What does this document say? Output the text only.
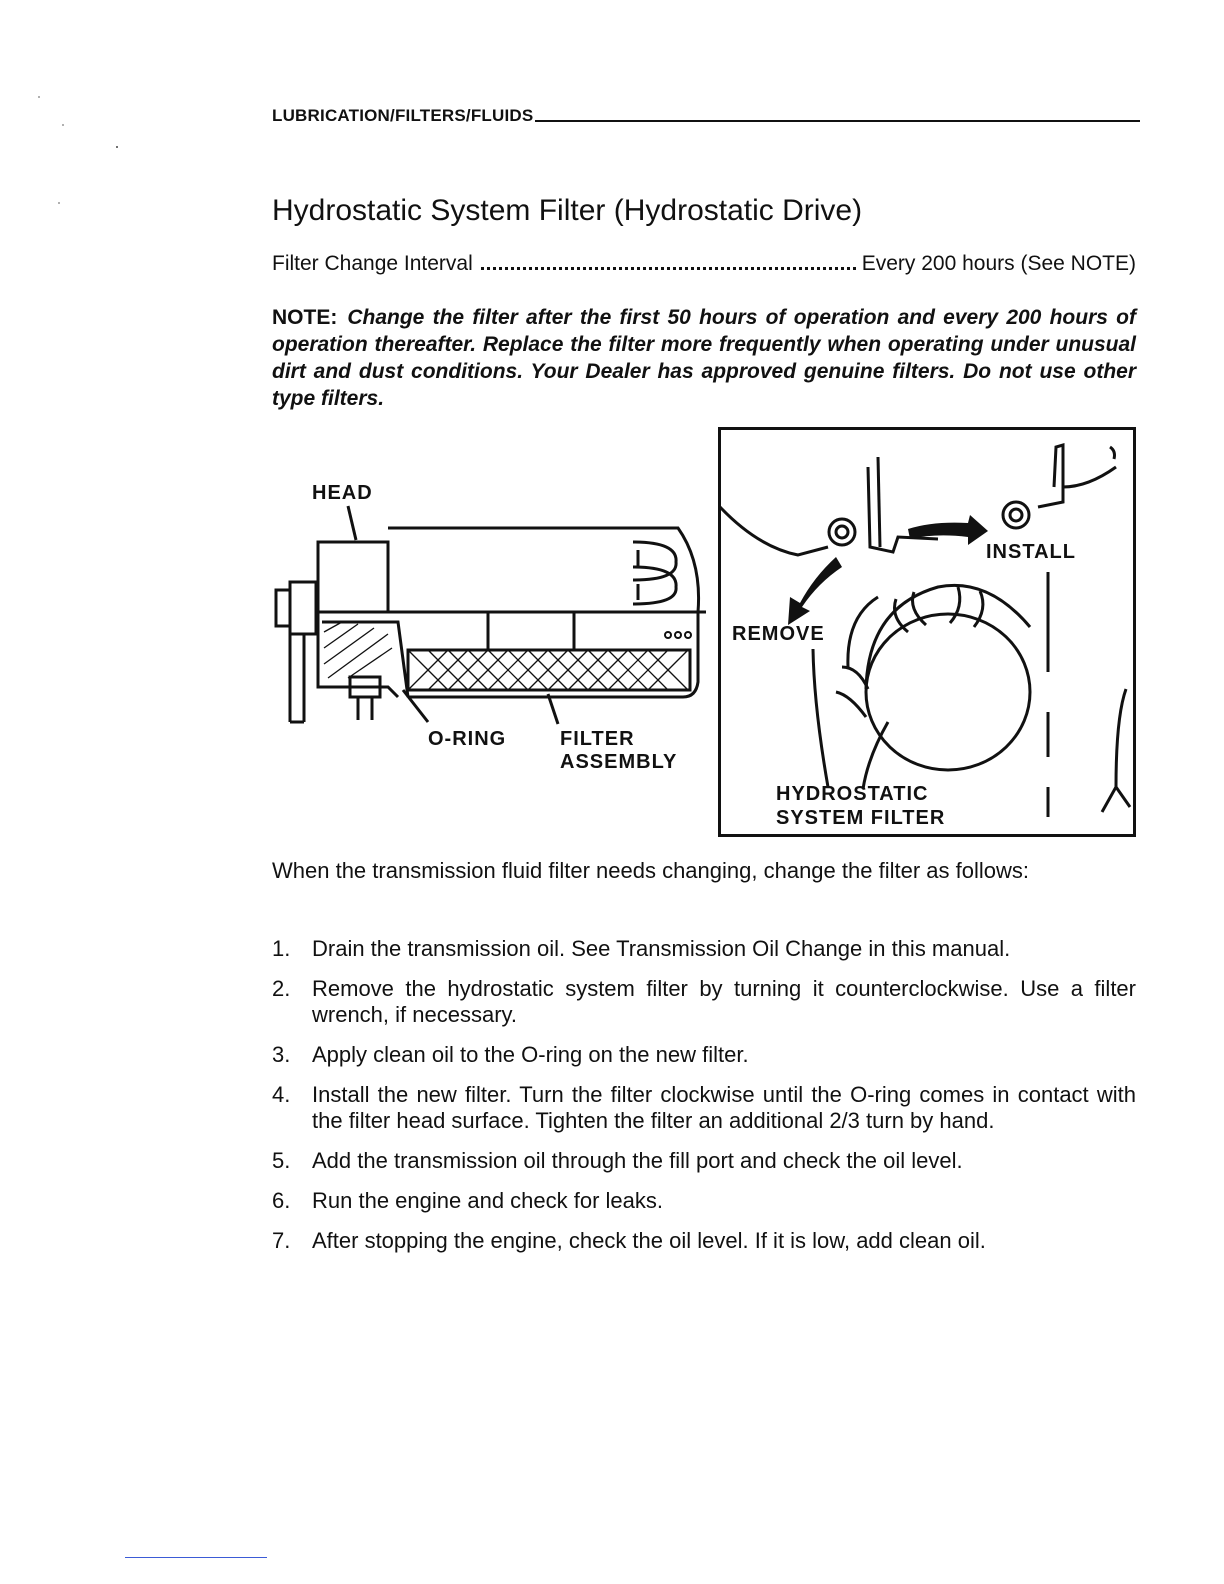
LUBRICATION/FILTERS/FLUIDS
Hydrostatic System Filter (Hydrostatic Drive)
Filter Change Interval	Every 200 hours (See NOTE)

NOTE: Change the filter after the first 50 hours of operation and every 200 hours of operation thereafter. Replace the filter more frequently when operating under unusual dirt and dust conditions. Your Dealer has approved genuine filters. Do not use other type filters.

HEAD
O-RING	FILTER
ASSEMBLY
INSTALL
REMOVE
HYDROSTATIC
SYSTEM FILTER

When the transmission fluid filter needs changing, change the filter as follows:

1. Drain the transmission oil. See Transmission Oil Change in this manual.
2. Remove the hydrostatic system filter by turning it counterclockwise. Use a filter wrench, if necessary.
3. Apply clean oil to the O-ring on the new filter.
4. Install the new filter. Turn the filter clockwise until the O-ring comes in contact with the filter head surface. Tighten the filter an additional 2/3 turn by hand.
5. Add the transmission oil through the fill port and check the oil level.
6. Run the engine and check for leaks.
7. After stopping the engine, check the oil level. If it is low, add clean oil.
